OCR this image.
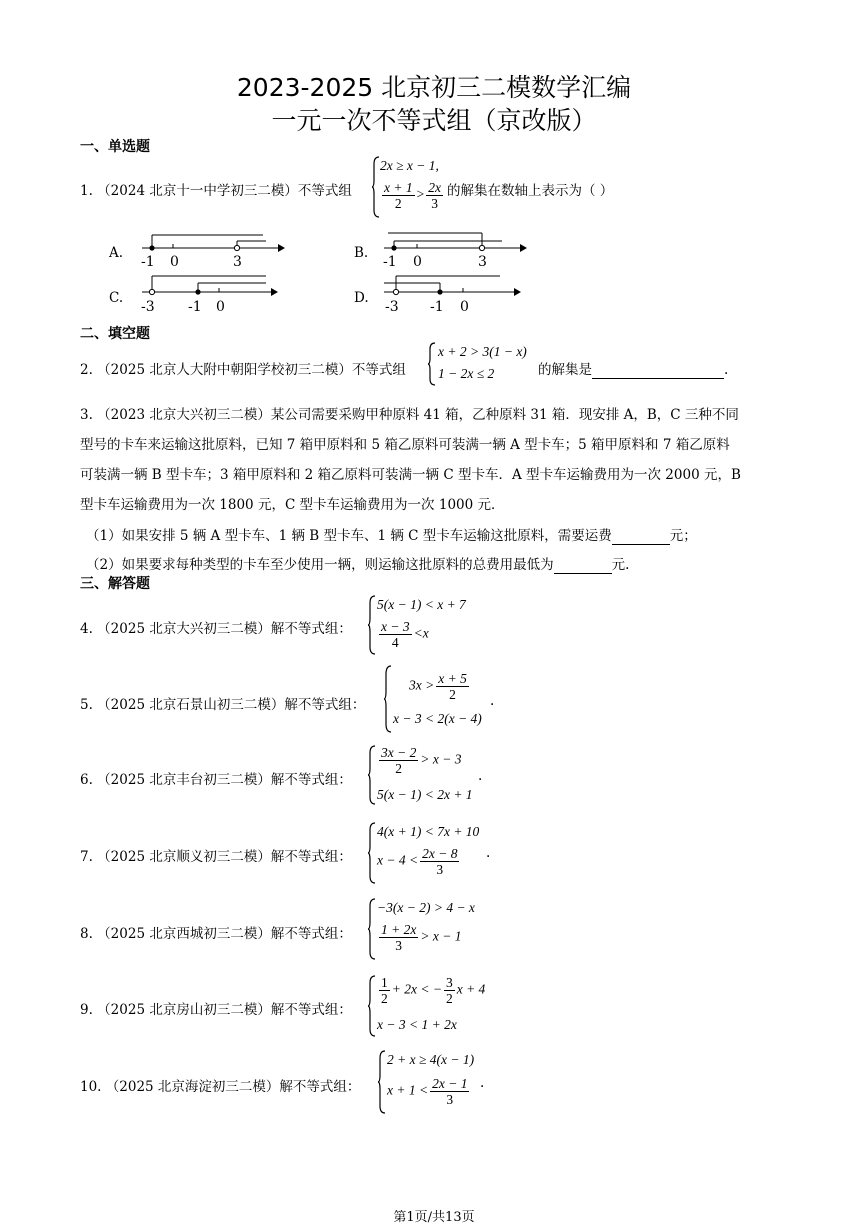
2023-2025 北京初三二模数学汇编
一元一次不等式组（京改版）
一、单选题
1. （2024 北京十一中学初三二模）不等式组
2x ≥ x − 1,
$\frac{x + 1}{2} > \frac{2x}{3}$ 的解集在数轴上表示为（ ）
A.
-1 0	3
B.
-1 0	3
C.
-3 -1 0
D.
-3 -1 0
二、填空题
2. （2025 北京人大附中朝阳学校初三二模）不等式组
x + 2 > 3(1 − x)
1 − 2x ≤ 2	的解集是	.
3. （2023 北京大兴初三二模）某公司需要采购甲种原料 41 箱，乙种原料 31 箱．现安排 A，B，C 三种不同
型号的卡车来运输这批原料，已知 7 箱甲原料和 5 箱乙原料可装满一辆 A 型卡车；5 箱甲原料和 7 箱乙原料
可装满一辆 B 型卡车；3 箱甲原料和 2 箱乙原料可装满一辆 C 型卡车．A 型卡车运输费用为一次 2000 元，B
型卡车运输费用为一次 1800 元，C 型卡车运输费用为一次 1000 元．
（1）如果安排 5 辆 A 型卡车、1 辆 B 型卡车、1 辆 C 型卡车运输这批原料，需要运费	元；
（2）如果要求每种类型的卡车至少使用一辆，则运输这批原料的总费用最低为	元.
三、解答题
4. （2025 北京大兴初三二模）解不等式组：
5(x − 1) < x + 7
$\frac{x - 3}{4} <x$
5. （2025 北京石景山初三二模）解不等式组：
$3x > \frac{x + 5}{2}$
x − 3 < 2(x − 4)
.
6. （2025 北京丰台初三二模）解不等式组：
$\frac{3x - 2}{2} > x - 3$
5(x − 1) < 2x + 1
.
7. （2025 北京顺义初三二模）解不等式组：
4(x + 1) < 7x + 10
$x - 4 < \frac{2x - 8}{3}$ .
8. （2025 北京西城初三二模）解不等式组：
−3(x − 2) > 4 − x
$\frac{1 + 2x}{3} > x - 1$
9. （2025 北京房山初三二模）解不等式组：
$\frac{1}{2} + 2x$ < − $\frac{3}{2}$ x + 4
x − 3 < 1 + 2x
10. （2025 北京海淀初三二模）解不等式组：
2 + x ≥ 4(x − 1)
$x + 1 < \frac{2x - 1}{3}$ .
第1页/共13页
